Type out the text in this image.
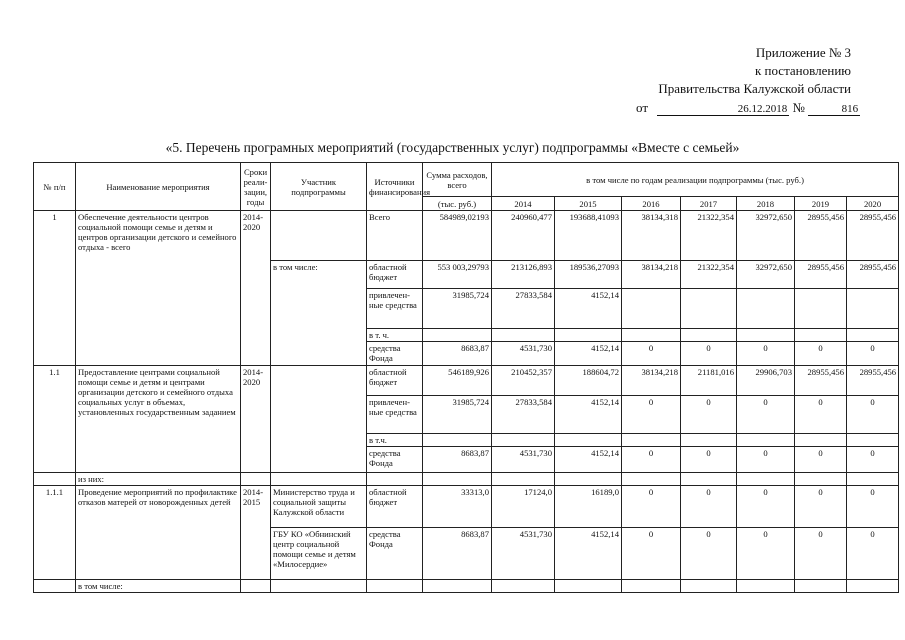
Приложение № 3
к постановлению
Правительства Калужской области
от	26.12.2018 №	816
«5. Перечень програмных мероприятий (государственных услуг) подпрограммы «Вместе с семьей»
№ п/п	Наименование мероприятия	Сроки реали-зации, годы	Участник подпрограммы	Источники финансирования	Сумма расходов, всего	в том числе по годам реализации подпрограммы (тыс. руб.)						
					(тыс. руб.)	2014	2015	2016	2017	2018	2019	2020
1	Обеспечение деятельности центров социальной помощи семье и детям и центров организации детского и семейного отдыха - всего	2014-2020		Всего	584989,02193	240960,477	193688,41093	38134,318	21322,354	32972,650	28955,456	28955,456
			в том числе:	областной бюджет	553 003,29793	213126,893	189536,27093	38134,218	21322,354	32972,650	28955,456	28955,456
				привлечен-ные средства	31985,724	27833,584	4152,14					
				в т. ч.								
				средства Фонда	8683,87	4531,730	4152,14	0	0	0	0	0
1.1	Предоставление центрами социальной помощи семье и детям и центрами организации детского и семейного отдыха социальных услуг в объемах, установленных государственным заданием	2014-2020		областной бюджет	546189,926	210452,357	188604,72	38134,218	21181,016	29906,703	28955,456	28955,456
				привлечен-ные средства	31985,724	27833,584	4152,14	0	0	0	0	0
				в т.ч.								
				средства Фонда	8683,87	4531,730	4152,14	0	0	0	0	0
	из них:											
1.1.1	Проведение мероприятий по профилактике отказов матерей от новорожденных детей	2014-2015	Министерство труда и социальной защиты Калужской области	областной бюджет	33313,0	17124,0	16189,0	0	0	0	0	0
			ГБУ КО «Обнинский центр социальной помощи семье и детям «Милосердие»	средства Фонда	8683,87	4531,730	4152,14	0	0	0	0	0
	в том числе:											
